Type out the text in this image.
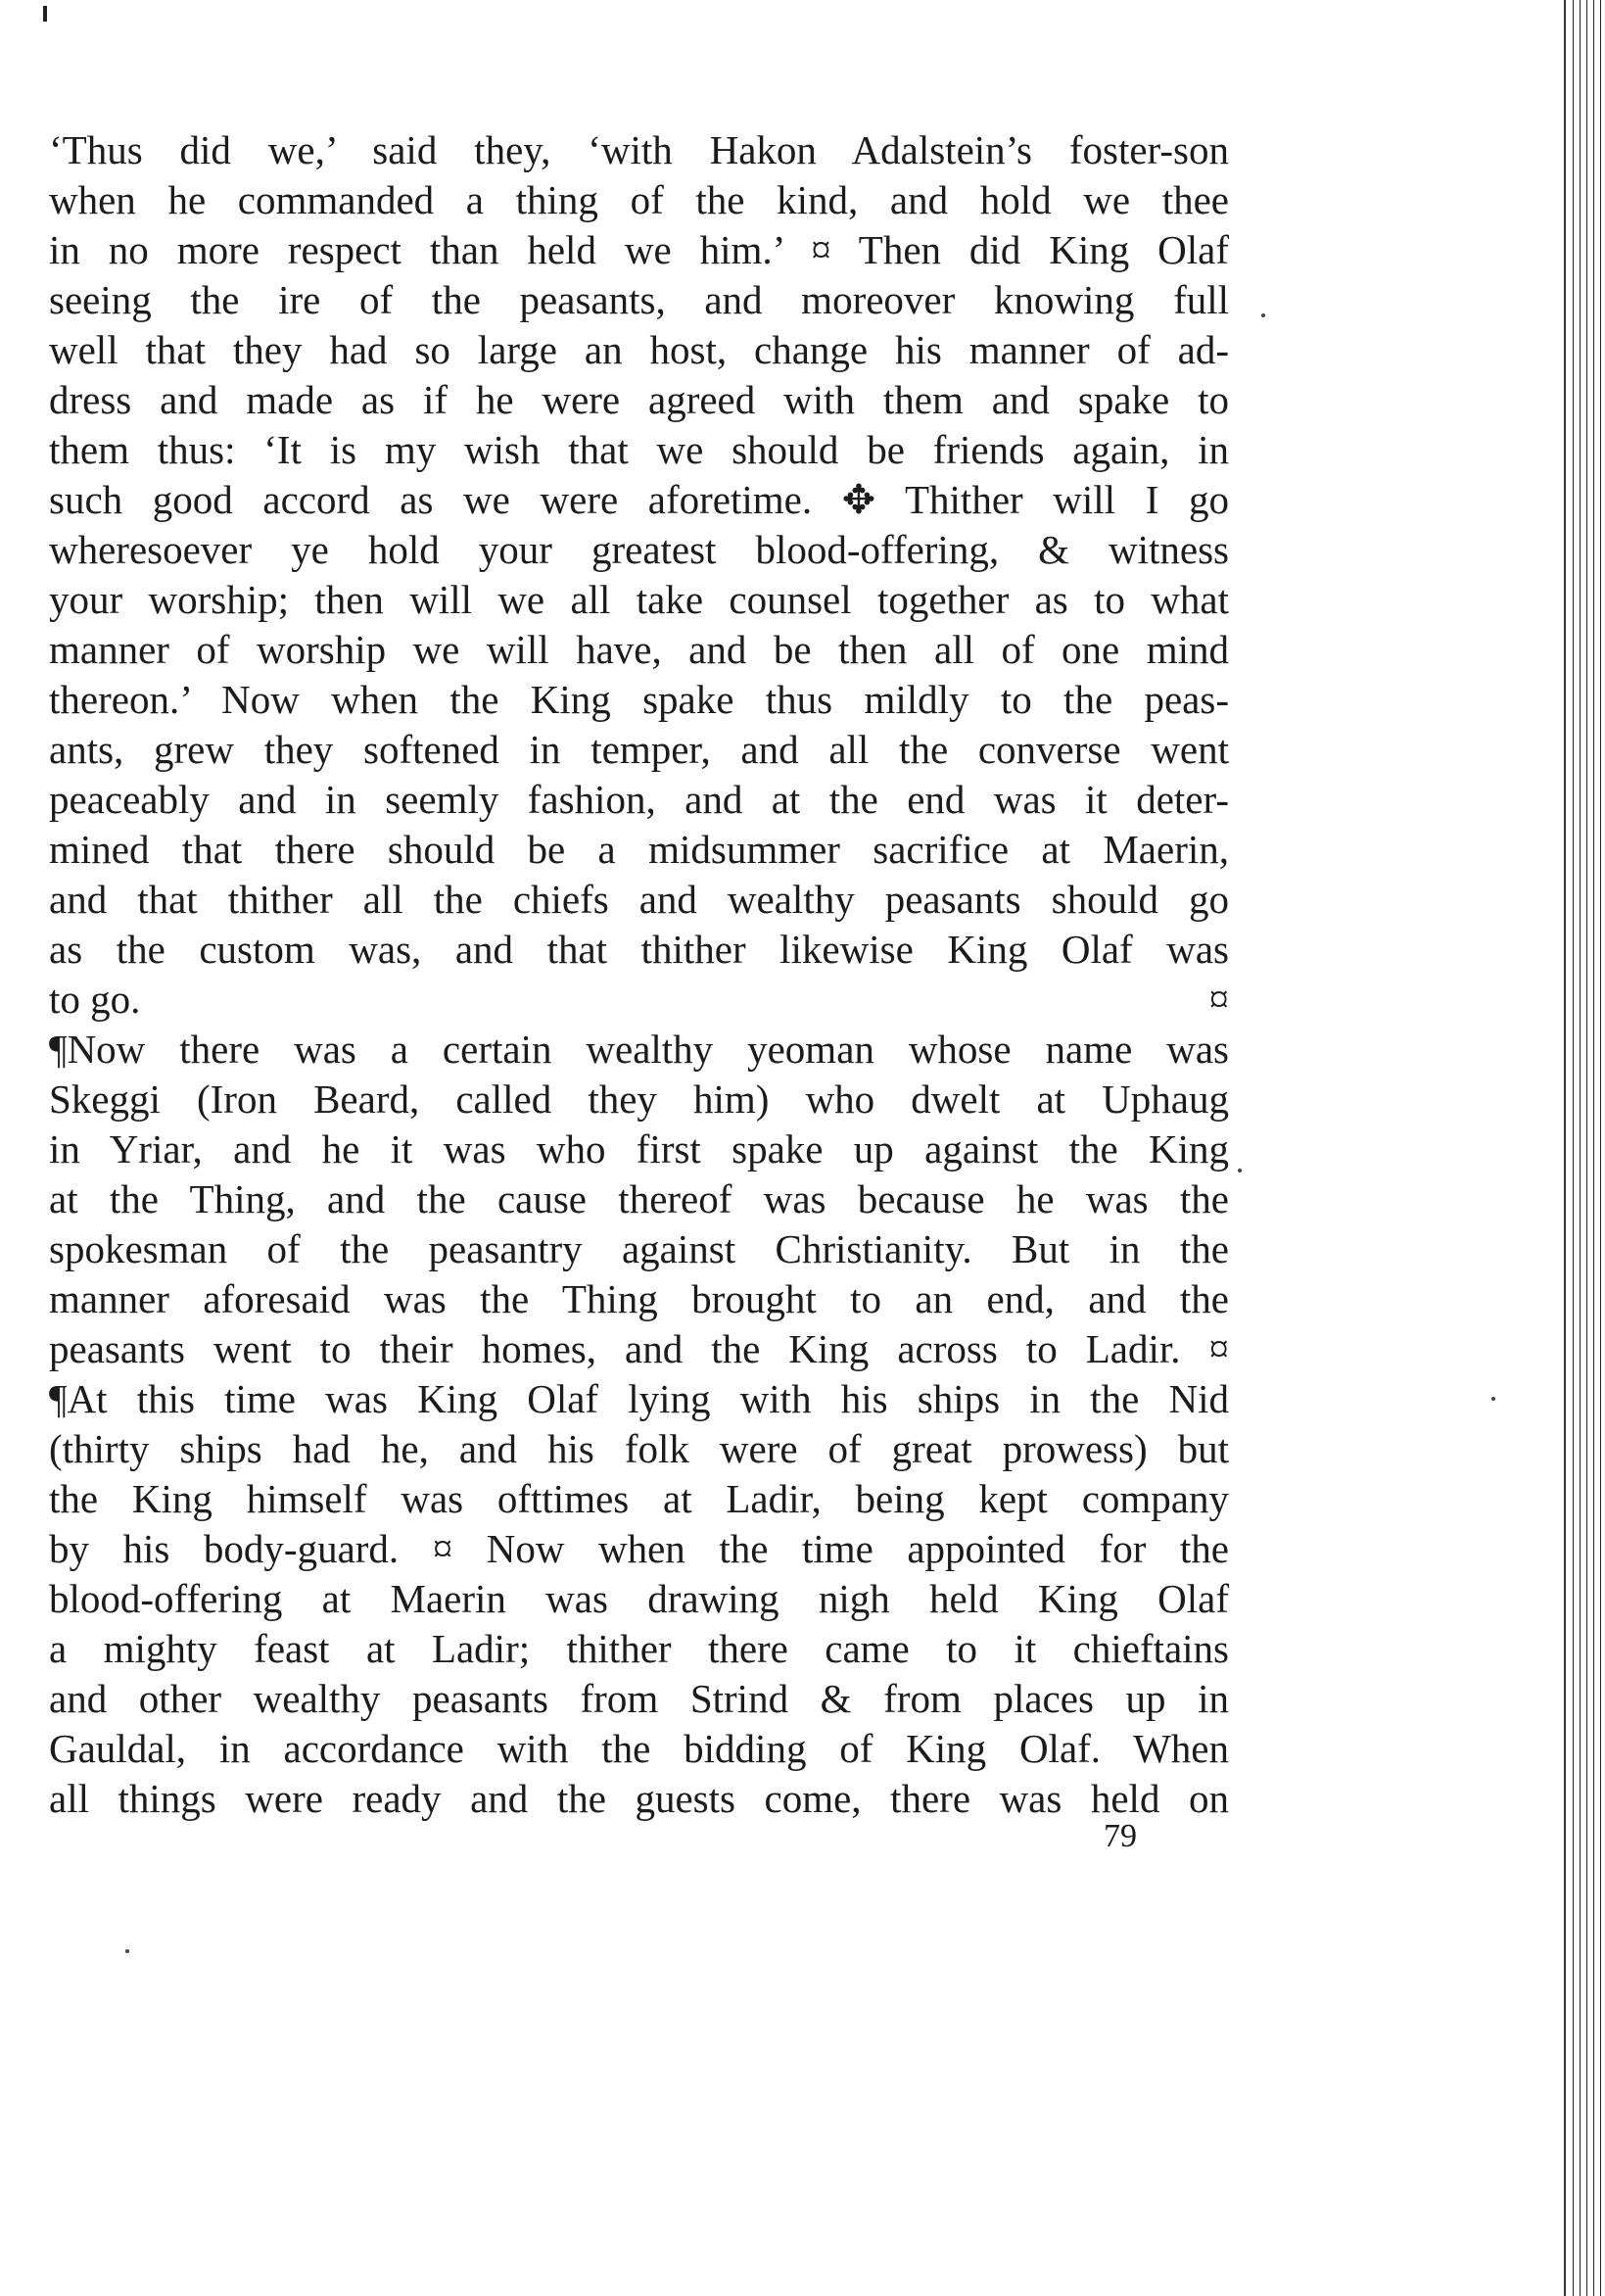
‘Thus did we,’ said they, ‘with Hakon Adalstein’s foster-son
when he commanded a thing of the kind, and hold we thee
in no more respect than held we him.’ ¤ Then did King Olaf
seeing the ire of the peasants, and moreover knowing full
well that they had so large an host, change his manner of ad-
dress and made as if he were agreed with them and spake to
them thus: ‘It is my wish that we should be friends again, in
such good accord as we were aforetime. ✥ Thither will I go
wheresoever ye hold your greatest blood-offering, & witness
your worship; then will we all take counsel together as to what
manner of worship we will have, and be then all of one mind
thereon.’ Now when the King spake thus mildly to the peas-
ants, grew they softened in temper, and all the converse went
peaceably and in seemly fashion, and at the end was it deter-
mined that there should be a midsummer sacrifice at Maerin,
and that thither all the chiefs and wealthy peasants should go
as the custom was, and that thither likewise King Olaf was
to go.	¤
¶Now there was a certain wealthy yeoman whose name was
Skeggi (Iron Beard, called they him) who dwelt at Uphaug
in Yriar, and he it was who first spake up against the King
at the Thing, and the cause thereof was because he was the
spokesman of the peasantry against Christianity. But in the
manner aforesaid was the Thing brought to an end, and the
peasants went to their homes, and the King across to Ladir. ¤
¶At this time was King Olaf lying with his ships in the Nid
(thirty ships had he, and his folk were of great prowess) but
the King himself was ofttimes at Ladir, being kept company
by his body-guard. ¤ Now when the time appointed for the
blood-offering at Maerin was drawing nigh held King Olaf
a mighty feast at Ladir; thither there came to it chieftains
and other wealthy peasants from Strind & from places up in
Gauldal, in accordance with the bidding of King Olaf. When
all things were ready and the guests come, there was held on
79
